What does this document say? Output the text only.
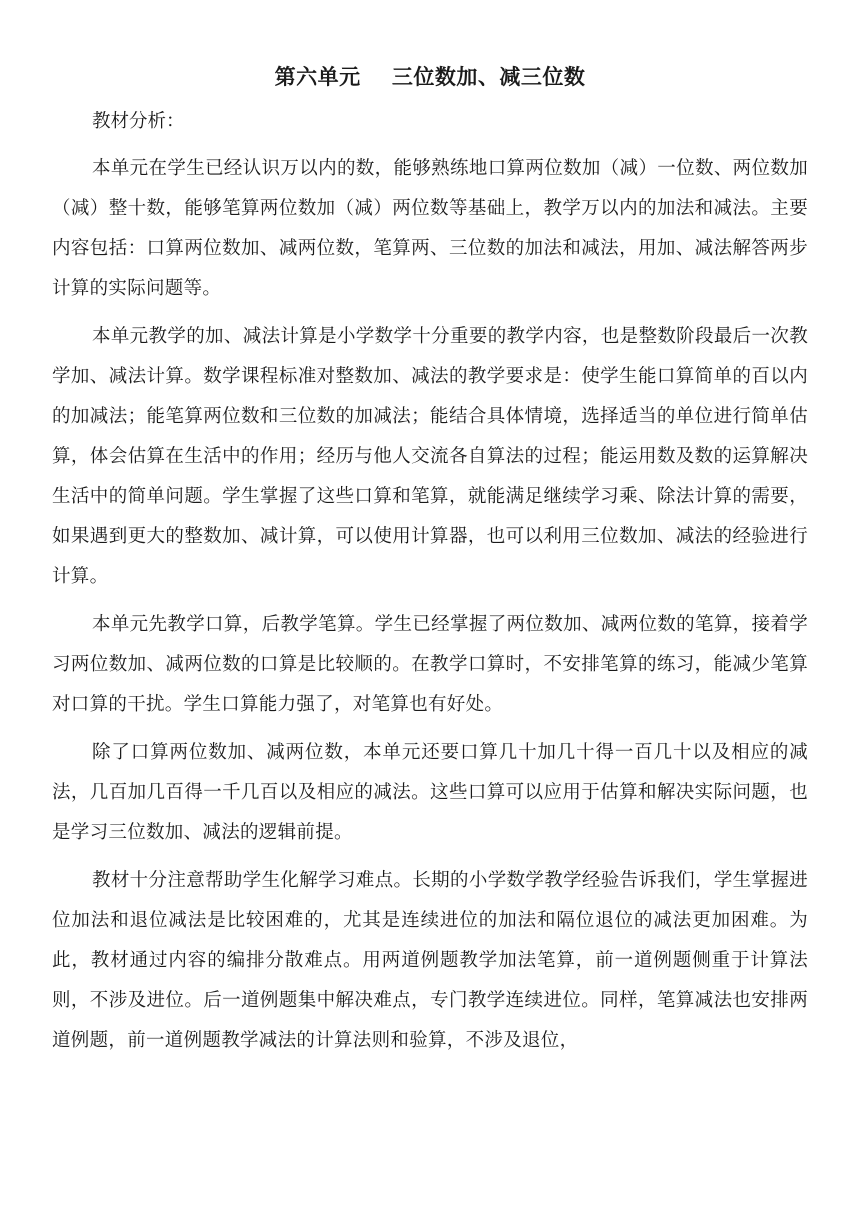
第六单元    三位数加、减三位数
教材分析：

本单元在学生已经认识万以内的数，能够熟练地口算两位数加（减）一位数、两位数加（减）整十数，能够笔算两位数加（减）两位数等基础上，教学万以内的加法和减法。主要内容包括：口算两位数加、减两位数，笔算两、三位数的加法和减法，用加、减法解答两步计算的实际问题等。

本单元教学的加、减法计算是小学数学十分重要的教学内容，也是整数阶段最后一次教学加、减法计算。数学课程标准对整数加、减法的教学要求是：使学生能口算简单的百以内的加减法；能笔算两位数和三位数的加减法；能结合具体情境，选择适当的单位进行简单估算，体会估算在生活中的作用；经历与他人交流各自算法的过程；能运用数及数的运算解决生活中的简单问题。学生掌握了这些口算和笔算，就能满足继续学习乘、除法计算的需要，如果遇到更大的整数加、减计算，可以使用计算器，也可以利用三位数加、减法的经验进行计算。

本单元先教学口算，后教学笔算。学生已经掌握了两位数加、减两位数的笔算，接着学习两位数加、减两位数的口算是比较顺的。在教学口算时，不安排笔算的练习，能减少笔算对口算的干扰。学生口算能力强了，对笔算也有好处。

除了口算两位数加、减两位数，本单元还要口算几十加几十得一百几十以及相应的减法，几百加几百得一千几百以及相应的减法。这些口算可以应用于估算和解决实际问题，也是学习三位数加、减法的逻辑前提。

教材十分注意帮助学生化解学习难点。长期的小学数学教学经验告诉我们，学生掌握进位加法和退位减法是比较困难的，尤其是连续进位的加法和隔位退位的减法更加困难。为此，教材通过内容的编排分散难点。用两道例题教学加法笔算，前一道例题侧重于计算法则，不涉及进位。后一道例题集中解决难点，专门教学连续进位。同样，笔算减法也安排两道例题，前一道例题教学减法的计算法则和验算，不涉及退位，
